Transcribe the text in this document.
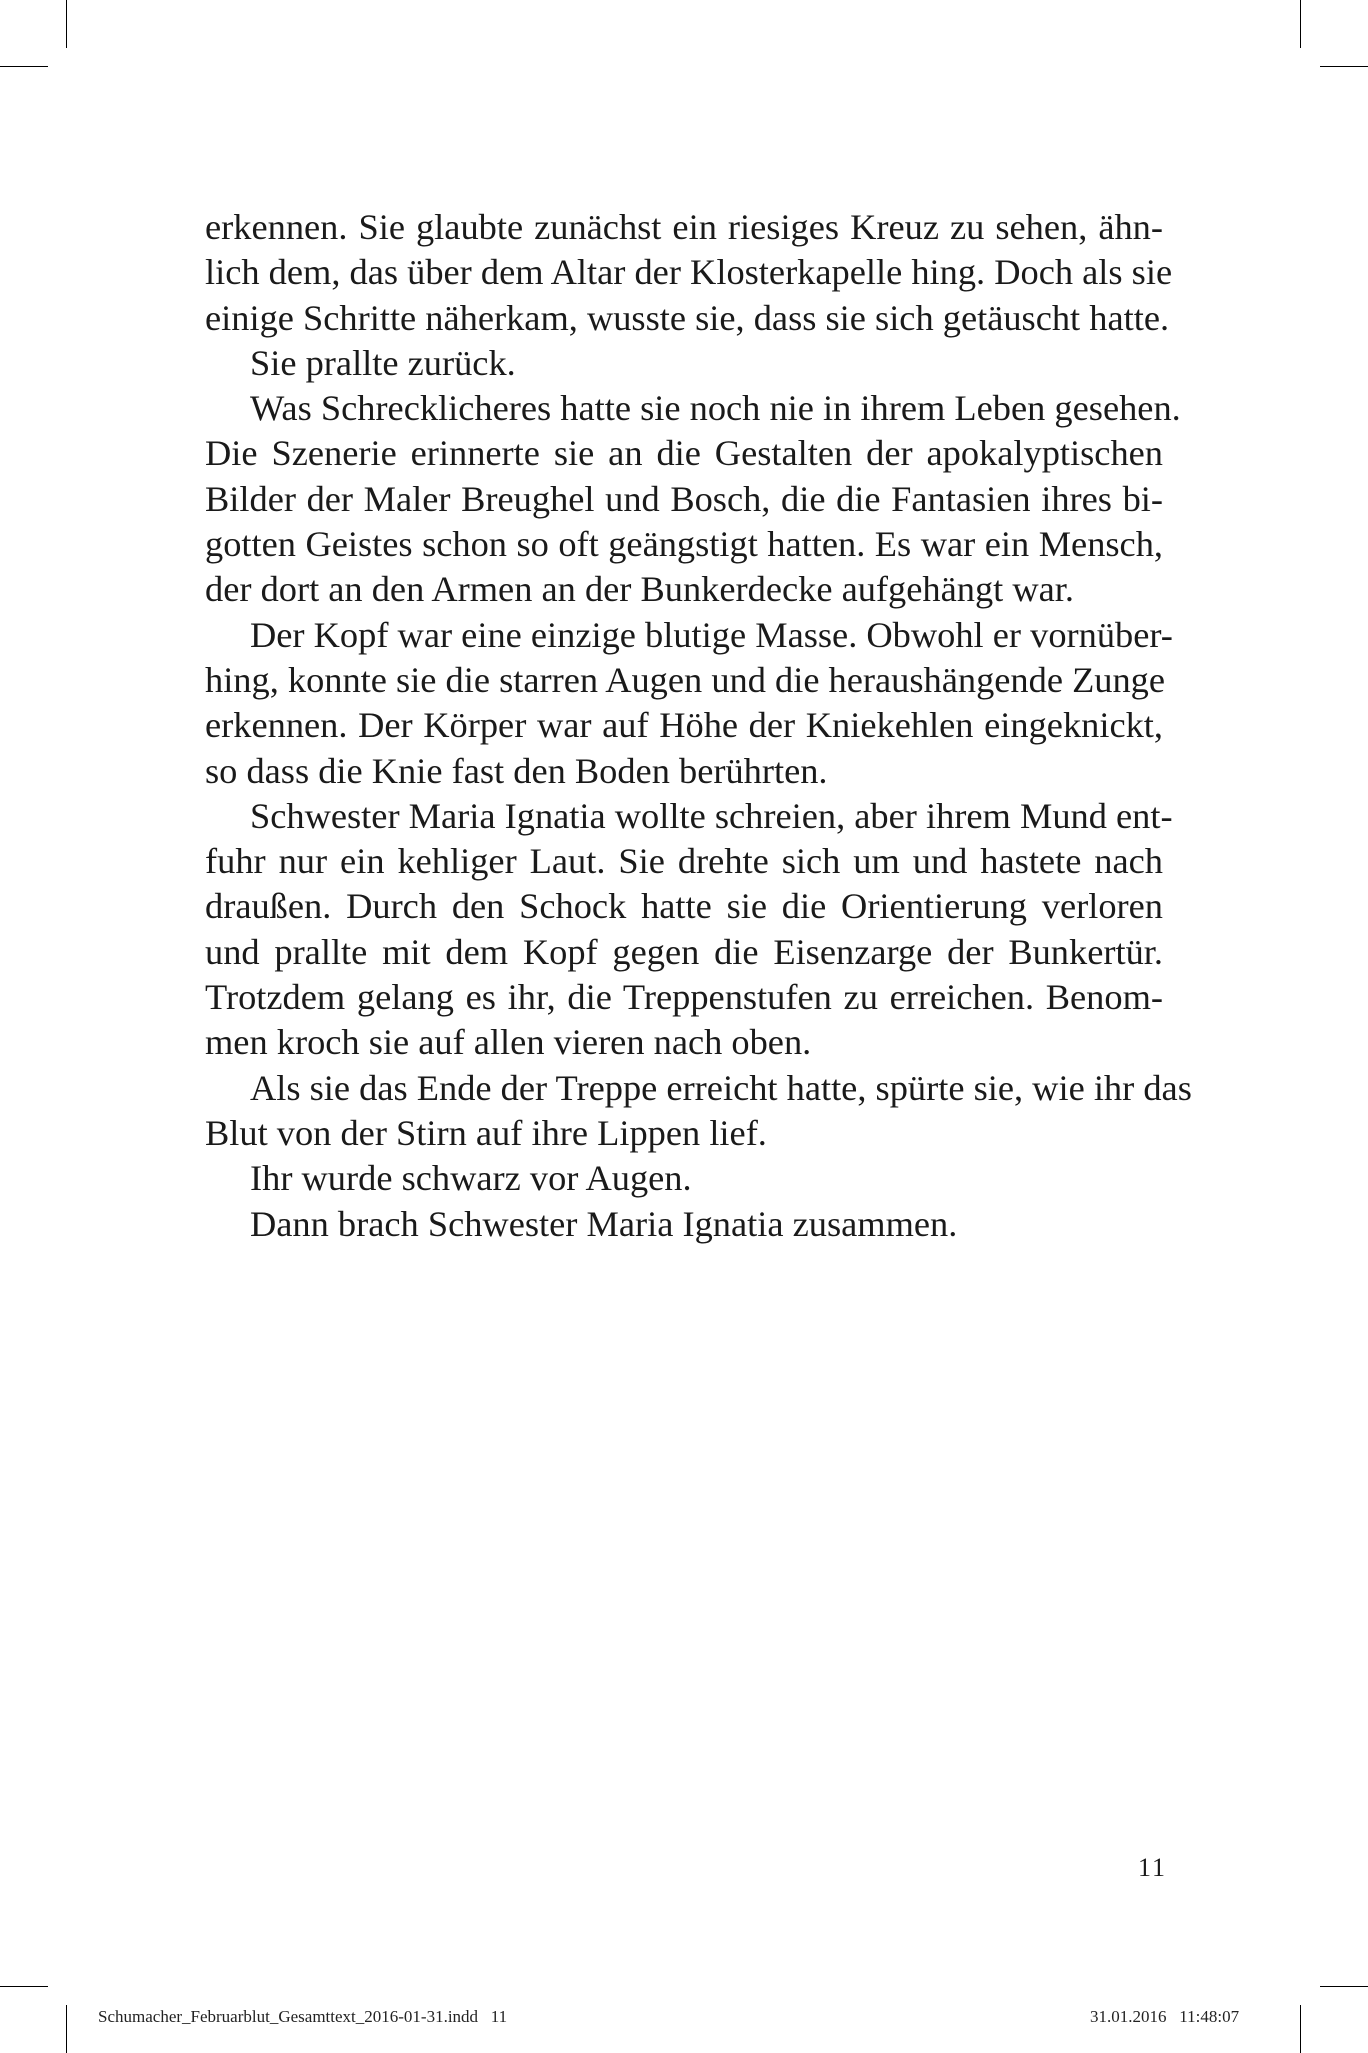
erkennen. Sie glaubte zunächst ein riesiges Kreuz zu sehen, ähn-
lich dem, das über dem Altar der Klosterkapelle hing. Doch als sie
einige Schritte näherkam, wusste sie, dass sie sich getäuscht hatte.
Sie prallte zurück.
Was Schrecklicheres hatte sie noch nie in ihrem Leben gesehen.
Die Szenerie erinnerte sie an die Gestalten der apokalyptischen
Bilder der Maler Breughel und Bosch, die die Fantasien ihres bi-
gotten Geistes schon so oft geängstigt hatten. Es war ein Mensch,
der dort an den Armen an der Bunkerdecke aufgehängt war.
Der Kopf war eine einzige blutige Masse. Obwohl er vornüber-
hing, konnte sie die starren Augen und die heraushängende Zunge
erkennen. Der Körper war auf Höhe der Kniekehlen eingeknickt,
so dass die Knie fast den Boden berührten.
Schwester Maria Ignatia wollte schreien, aber ihrem Mund ent-
fuhr nur ein kehliger Laut. Sie drehte sich um und hastete nach
draußen. Durch den Schock hatte sie die Orientierung verloren
und prallte mit dem Kopf gegen die Eisenzarge der Bunkertür.
Trotzdem gelang es ihr, die Treppenstufen zu erreichen. Benom-
men kroch sie auf allen vieren nach oben.
Als sie das Ende der Treppe erreicht hatte, spürte sie, wie ihr das
Blut von der Stirn auf ihre Lippen lief.
Ihr wurde schwarz vor Augen.
Dann brach Schwester Maria Ignatia zusammen.
11
Schumacher_Februarblut_Gesamttext_2016-01-31.indd   11	31.01.2016   11:48:07
